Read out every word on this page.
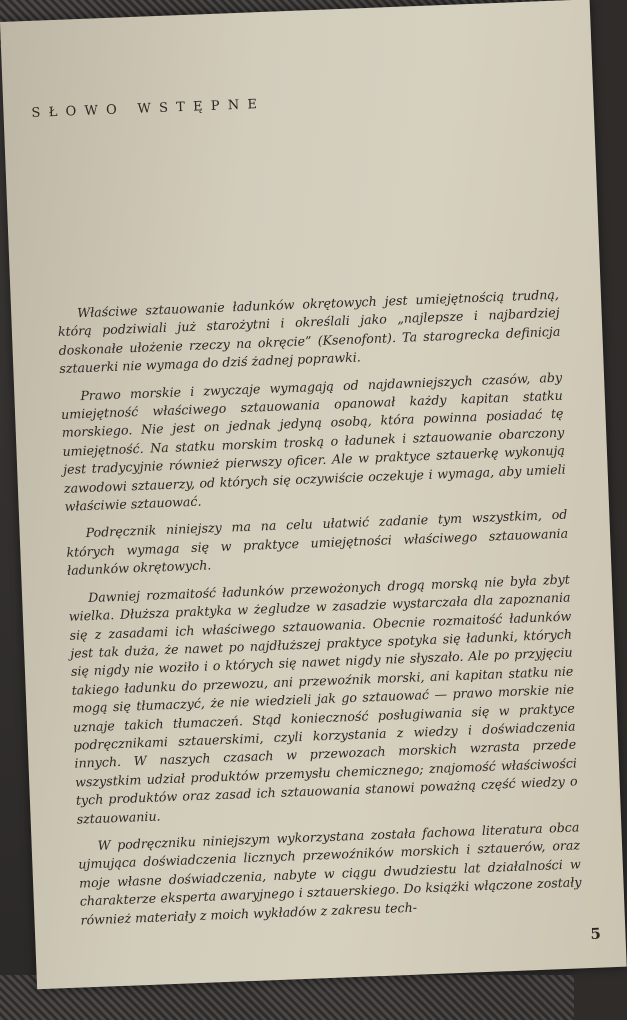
S  Ł  O  W  O     W  S  T  Ę  P  N  E

Właściwe sztauowanie ładunków okrętowych jest umiejętnością trudną, którą podziwiali już starożytni i określali jako „najlepsze i najbardziej doskonałe ułożenie rzeczy na okręcie” (Ksenofont). Ta starogrecka definicja sztauerki nie wymaga do dziś żadnej poprawki.

Prawo morskie i zwyczaje wymagają od najdawniejszych czasów, aby umiejętność właściwego sztauowania opanował każdy kapitan statku morskiego. Nie jest on jednak jedyną osobą, która powinna posiadać tę umiejętność. Na statku morskim troską o ładunek i sztauowanie obarczony jest tradycyjnie również pierwszy oficer. Ale w praktyce sztauerkę wykonują zawodowi sztauerzy, od których się oczywiście oczekuje i wymaga, aby umieli właściwie sztauować.

Podręcznik niniejszy ma na celu ułatwić zadanie tym wszystkim, od których wymaga się w praktyce umiejętności właściwego sztauowania ładunków okrętowych.

Dawniej rozmaitość ładunków przewożonych drogą morską nie była zbyt wielka. Dłuższa praktyka w żegludze w zasadzie wystarczała dla zapoznania się z zasadami ich właściwego sztauowania. Obecnie rozmaitość ładunków jest tak duża, że nawet po najdłuższej praktyce spotyka się ładunki, których się nigdy nie woziło i o których się nawet nigdy nie słyszało. Ale po przyjęciu takiego ładunku do przewozu, ani przewoźnik morski, ani kapitan statku nie mogą się tłumaczyć, że nie wiedzieli jak go sztauować — prawo morskie nie uznaje takich tłumaczeń. Stąd konieczność posługiwania się w praktyce podręcznikami sztauerskimi, czyli korzystania z wiedzy i doświadczenia innych. W naszych czasach w przewozach morskich wzrasta przede wszystkim udział produktów przemysłu chemicznego; znajomość właściwości tych produktów oraz zasad ich sztauowania stanowi poważną część wiedzy o sztauowaniu.

W podręczniku niniejszym wykorzystana została fachowa literatura obca ujmująca doświadczenia licznych przewoźników morskich i sztauerów, oraz moje własne doświadczenia, nabyte w ciągu dwudziestu lat działalności w charakterze eksperta awaryjnego i sztauerskiego. Do książki włączone zostały również materiały z moich wykładów z zakresu tech-

5
